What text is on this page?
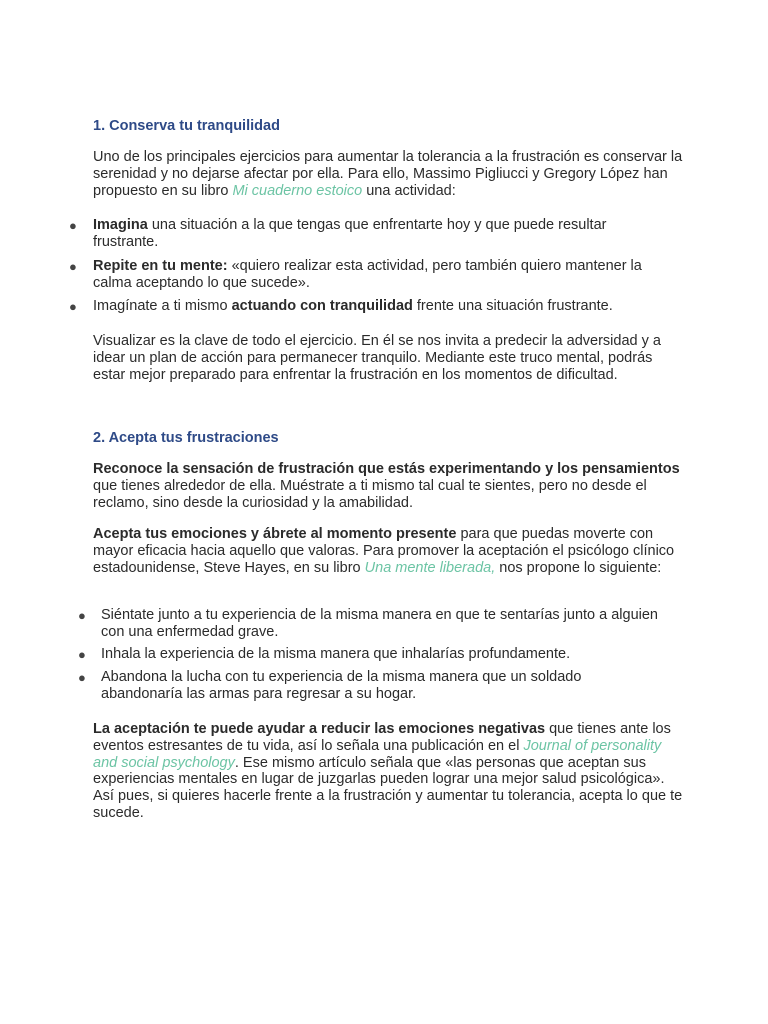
1. Conserva tu tranquilidad

Uno de los principales ejercicios para aumentar la tolerancia a la frustración es conservar la serenidad y no dejarse afectar por ella. Para ello, Massimo Pigliucci y Gregory López han propuesto en su libro Mi cuaderno estoico una actividad:

● Imagina una situación a la que tengas que enfrentarte hoy y que puede resultar frustrante.
● Repite en tu mente: «quiero realizar esta actividad, pero también quiero mantener la calma aceptando lo que sucede».
● Imagínate a ti mismo actuando con tranquilidad frente una situación frustrante.

Visualizar es la clave de todo el ejercicio. En él se nos invita a predecir la adversidad y a idear un plan de acción para permanecer tranquilo. Mediante este truco mental, podrás estar mejor preparado para enfrentar la frustración en los momentos de dificultad.

2. Acepta tus frustraciones

Reconoce la sensación de frustración que estás experimentando y los pensamientos que tienes alrededor de ella. Muéstrate a ti mismo tal cual te sientes, pero no desde el reclamo, sino desde la curiosidad y la amabilidad.

Acepta tus emociones y ábrete al momento presente para que puedas moverte con mayor eficacia hacia aquello que valoras. Para promover la aceptación el psicólogo clínico estadounidense, Steve Hayes, en su libro Una mente liberada, nos propone lo siguiente:

● Siéntate junto a tu experiencia de la misma manera en que te sentarías junto a alguien con una enfermedad grave.
● Inhala la experiencia de la misma manera que inhalarías profundamente.
● Abandona la lucha con tu experiencia de la misma manera que un soldado abandonaría las armas para regresar a su hogar.

La aceptación te puede ayudar a reducir las emociones negativas que tienes ante los eventos estresantes de tu vida, así lo señala una publicación en el Journal of personality and social psychology. Ese mismo artículo señala que «las personas que aceptan sus experiencias mentales en lugar de juzgarlas pueden lograr una mejor salud psicológica». Así pues, si quieres hacerle frente a la frustración y aumentar tu tolerancia, acepta lo que te sucede.
